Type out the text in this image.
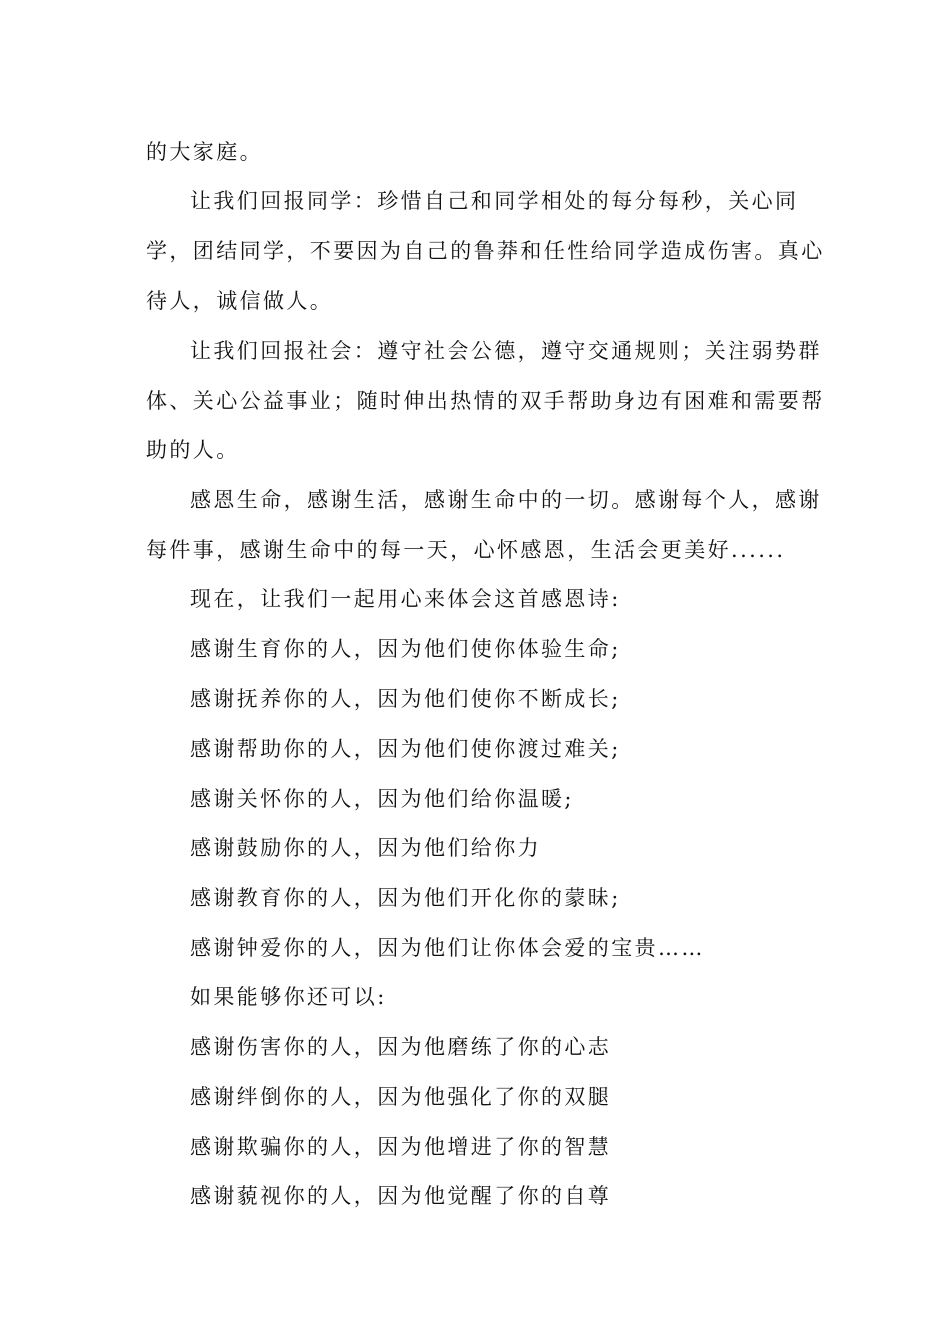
的大家庭。
让我们回报同学：珍惜自己和同学相处的每分每秒，关心同
学，团结同学，不要因为自己的鲁莽和任性给同学造成伤害。真心
待人，诚信做人。
让我们回报社会：遵守社会公德，遵守交通规则；关注弱势群
体、关心公益事业；随时伸出热情的双手帮助身边有困难和需要帮
助的人。
感恩生命，感谢生活，感谢生命中的一切。感谢每个人，感谢
每件事，感谢生命中的每一天，心怀感恩，生活会更美好......
现在，让我们一起用心来体会这首感恩诗:
感谢生育你的人，因为他们使你体验生命;
感谢抚养你的人，因为他们使你不断成长;
感谢帮助你的人，因为他们使你渡过难关;
感谢关怀你的人，因为他们给你温暖;
感谢鼓励你的人，因为他们给你力
感谢教育你的人，因为他们开化你的蒙昧;
感谢钟爱你的人，因为他们让你体会爱的宝贵……
如果能够你还可以:
感谢伤害你的人，因为他磨练了你的心志
感谢绊倒你的人，因为他强化了你的双腿
感谢欺骗你的人，因为他增进了你的智慧
感谢藐视你的人，因为他觉醒了你的自尊
